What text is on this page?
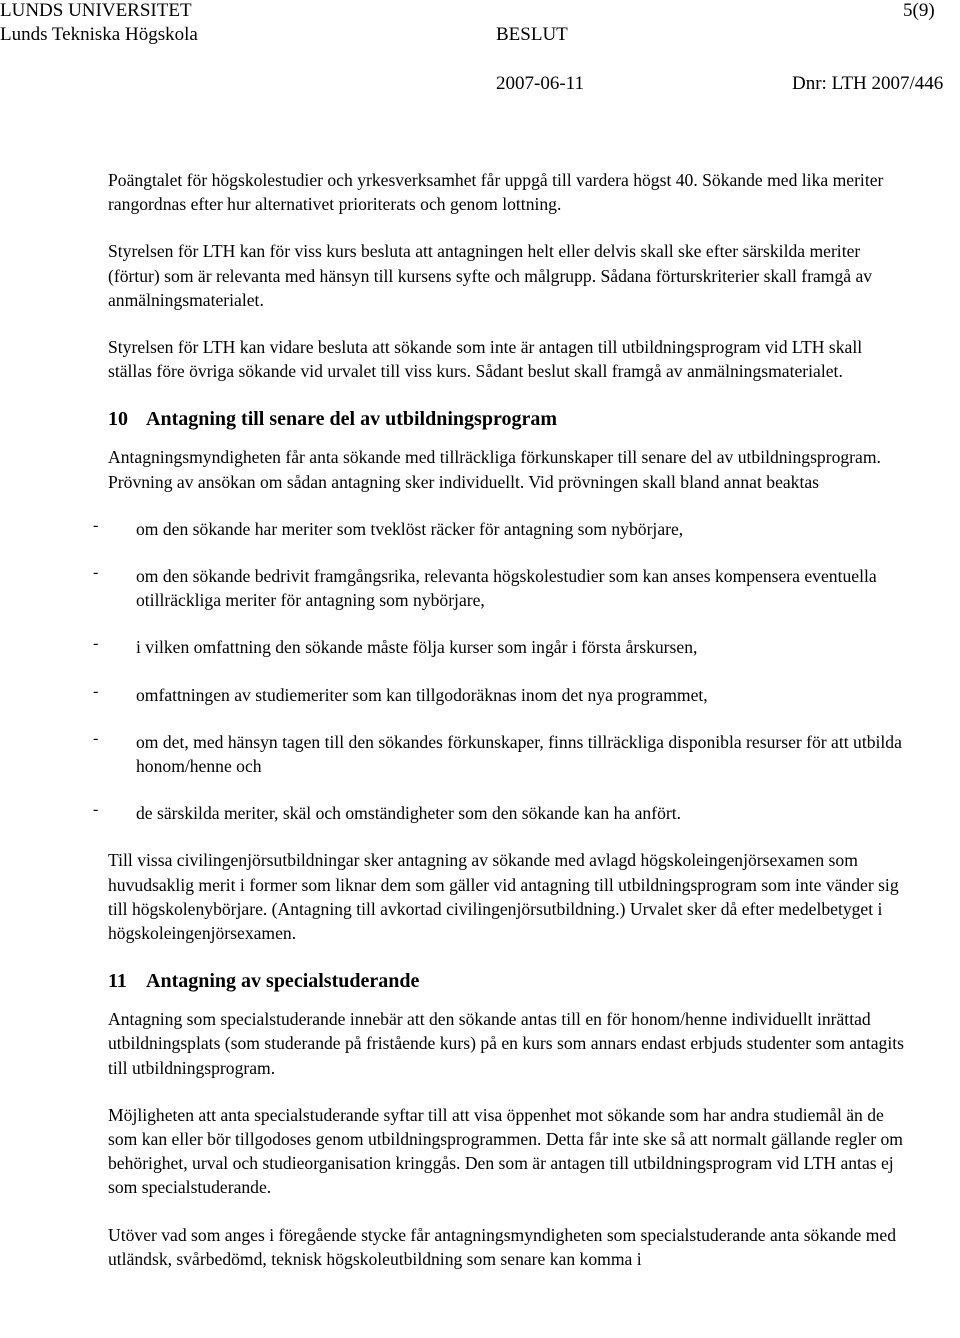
LUNDS UNIVERSITET
Lunds Tekniska Högskola	BESLUT
5(9)
2007-06-11	Dnr: LTH 2007/446

Poängtalet för högskolestudier och yrkesverksamhet får uppgå till vardera högst 40. Sökande med lika meriter rangordnas efter hur alternativet prioriterats och genom lottning.

Styrelsen för LTH kan för viss kurs besluta att antagningen helt eller delvis skall ske efter särskilda meriter (förtur) som är relevanta med hänsyn till kursens syfte och målgrupp. Sådana förturskriterier skall framgå av anmälningsmaterialet.

Styrelsen för LTH kan vidare besluta att sökande som inte är antagen till utbildningsprogram vid LTH skall ställas före övriga sökande vid urvalet till viss kurs. Sådant beslut skall framgå av anmälningsmaterialet.

10 Antagning till senare del av utbildningsprogram

Antagningsmyndigheten får anta sökande med tillräckliga förkunskaper till senare del av utbildningsprogram. Prövning av ansökan om sådan antagning sker individuellt. Vid prövningen skall bland annat beaktas

- om den sökande har meriter som tveklöst räcker för antagning som nybörjare,

- om den sökande bedrivit framgångsrika, relevanta högskolestudier som kan anses kompensera eventuella otillräckliga meriter för antagning som nybörjare,

- i vilken omfattning den sökande måste följa kurser som ingår i första årskursen,

- omfattningen av studiemeriter som kan tillgodoräknas inom det nya programmet,

- om det, med hänsyn tagen till den sökandes förkunskaper, finns tillräckliga disponibla resurser för att utbilda honom/henne och

- de särskilda meriter, skäl och omständigheter som den sökande kan ha anfört.

Till vissa civilingenjörsutbildningar sker antagning av sökande med avlagd högskoleingenjörsexamen som huvudsaklig merit i former som liknar dem som gäller vid antagning till utbildningsprogram som inte vänder sig till högskolenybörjare. (Antagning till avkortad civilingenjörsutbildning.) Urvalet sker då efter medelbetyget i högskoleingenjörsexamen.

11 Antagning av specialstuderande

Antagning som specialstuderande innebär att den sökande antas till en för honom/henne individuellt inrättad utbildningsplats (som studerande på fristående kurs) på en kurs som annars endast erbjuds studenter som antagits till utbildningsprogram.

Möjligheten att anta specialstuderande syftar till att visa öppenhet mot sökande som har andra studiemål än de som kan eller bör tillgodoses genom utbildningsprogrammen. Detta får inte ske så att normalt gällande regler om behörighet, urval och studieorganisation kringgås. Den som är antagen till utbildningsprogram vid LTH antas ej som specialstuderande.

Utöver vad som anges i föregående stycke får antagningsmyndigheten som specialstuderande anta sökande med utländsk, svårbedömd, teknisk högskoleutbildning som senare kan komma i
